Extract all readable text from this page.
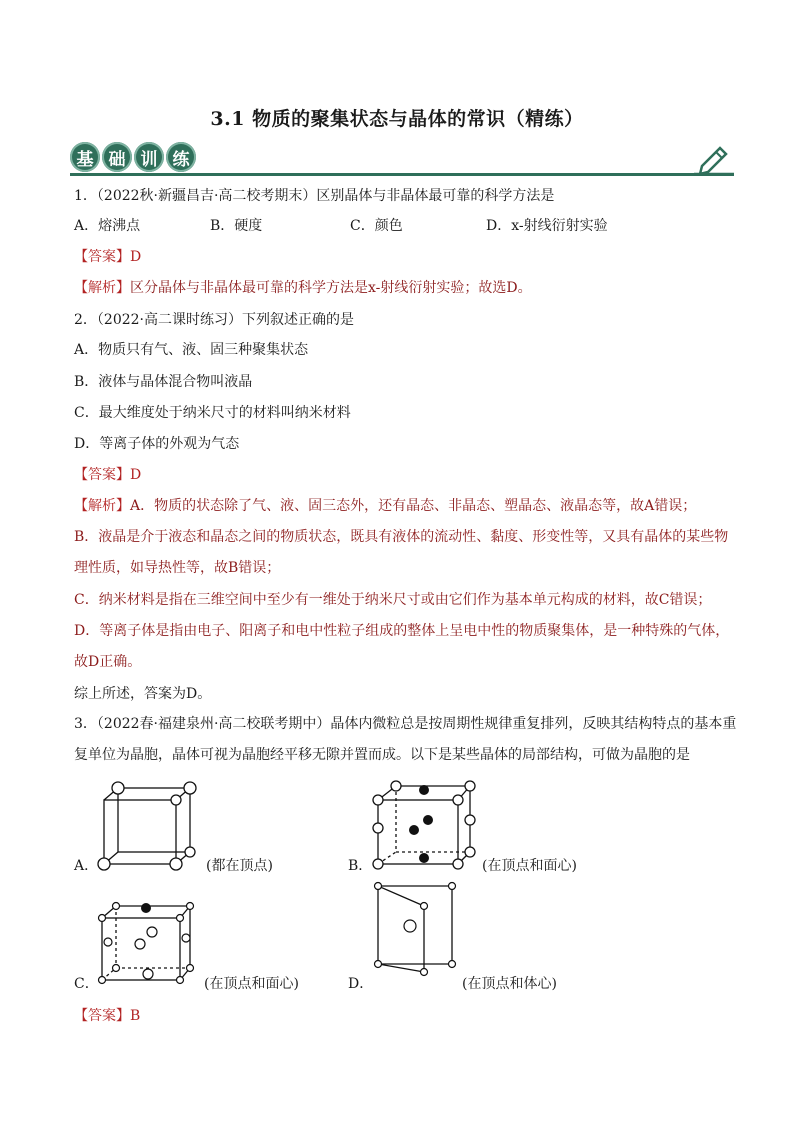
3.1 物质的聚集状态与晶体的常识（精练）
基 础 训 练
1．（2022秋·新疆昌吉·高二校考期末）区别晶体与非晶体最可靠的科学方法是
A．熔沸点	B．硬度	C．颜色	D．x-射线衍射实验
【答案】D
【解析】区分晶体与非晶体最可靠的科学方法是x-射线衍射实验；故选D。
2．（2022·高二课时练习）下列叙述正确的是
A．物质只有气、液、固三种聚集状态
B．液体与晶体混合物叫液晶
C．最大维度处于纳米尺寸的材料叫纳米材料
D．等离子体的外观为气态
【答案】D
【解析】A．物质的状态除了气、液、固三态外，还有晶态、非晶态、塑晶态、液晶态等，故A错误；
B．液晶是介于液态和晶态之间的物质状态，既具有液体的流动性、黏度、形变性等，又具有晶体的某些物
理性质，如导热性等，故B错误；
C．纳米材料是指在三维空间中至少有一维处于纳米尺寸或由它们作为基本单元构成的材料，故C错误；
D．等离子体是指由电子、阳离子和电中性粒子组成的整体上呈电中性的物质聚集体，是一种特殊的气体，
故D正确。
综上所述，答案为D。
3．（2022春·福建泉州·高二校联考期中）晶体内微粒总是按周期性规律重复排列，反映其结构特点的基本重
复单位为晶胞，晶体可视为晶胞经平移无隙并置而成。以下是某些晶体的局部结构，可做为晶胞的是
A．	(都在顶点)	B．	(在顶点和面心)
C．	(在顶点和面心)	D．	(在顶点和体心)
【答案】B
